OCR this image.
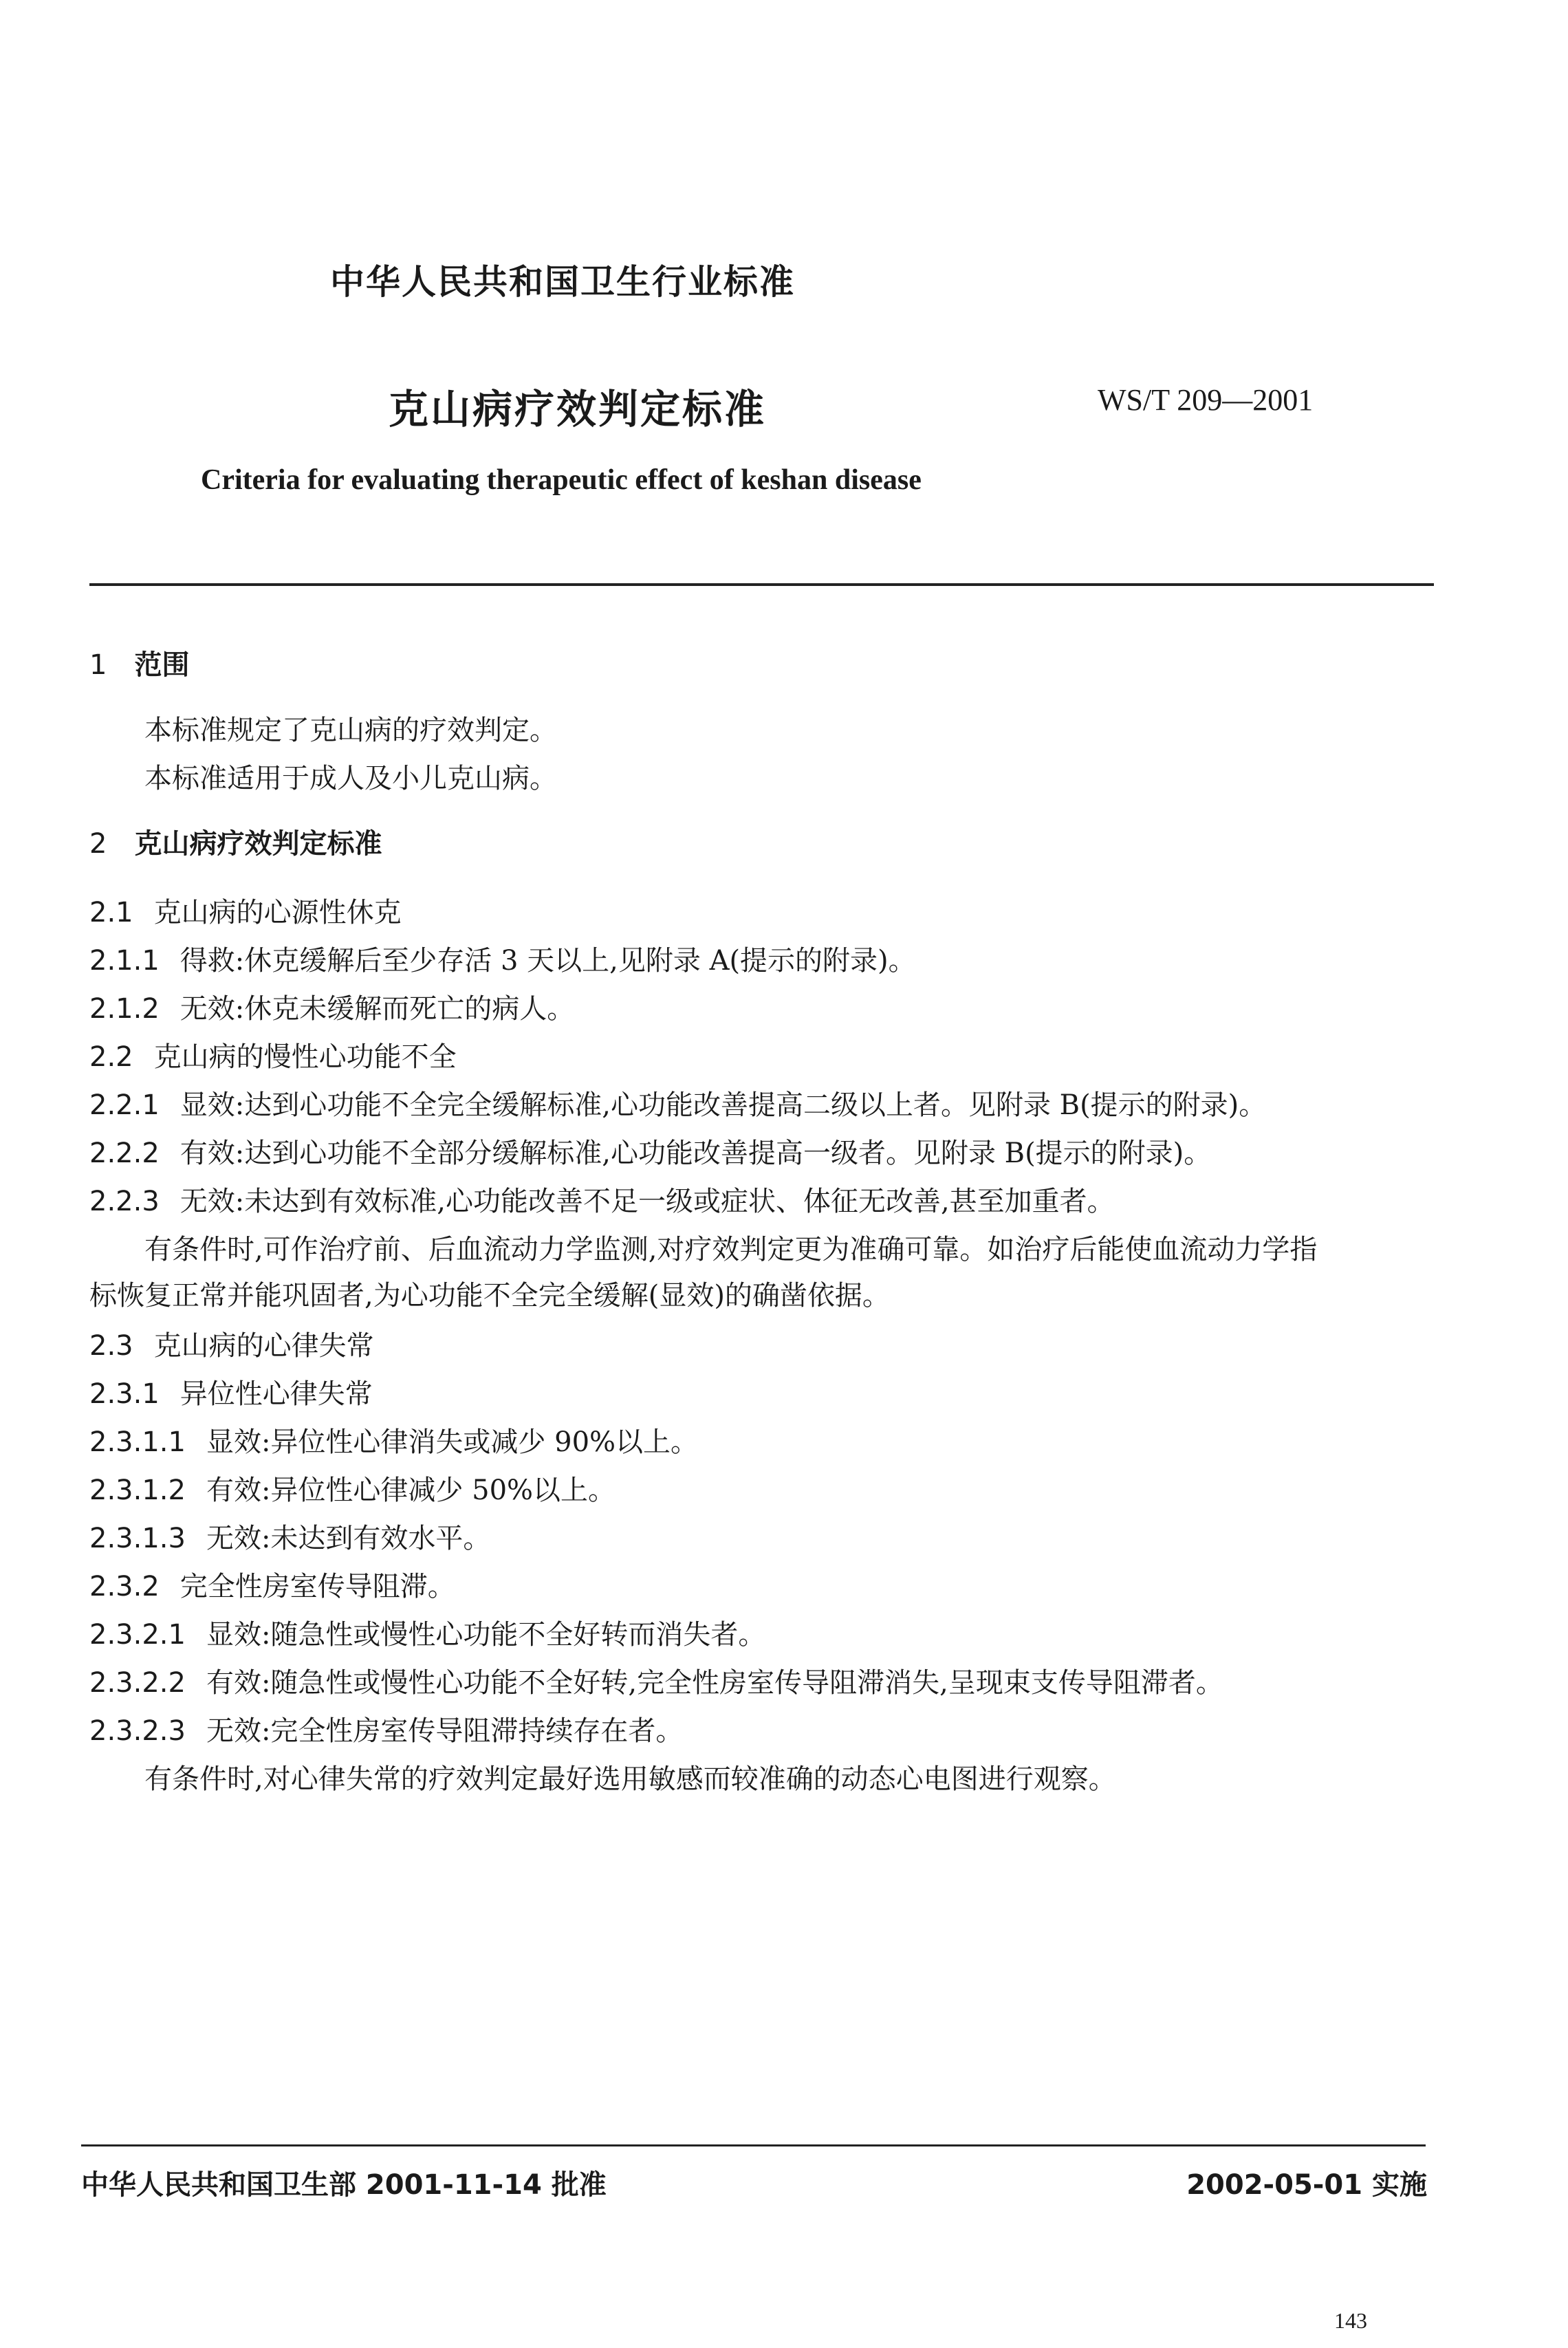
中华人民共和国卫生行业标准
克山病疗效判定标准	WS/T 209—2001
Criteria for evaluating therapeutic effect of keshan disease
1 范围
本标准规定了克山病的疗效判定。
本标准适用于成人及小儿克山病。
2 克山病疗效判定标准
2.1 克山病的心源性休克
2.1.1 得救:休克缓解后至少存活 3 天以上,见附录 A(提示的附录)。
2.1.2 无效:休克未缓解而死亡的病人。
2.2 克山病的慢性心功能不全
2.2.1 显效:达到心功能不全完全缓解标准,心功能改善提高二级以上者。见附录 B(提示的附录)。
2.2.2 有效:达到心功能不全部分缓解标准,心功能改善提高一级者。见附录 B(提示的附录)。
2.2.3 无效:未达到有效标准,心功能改善不足一级或症状、体征无改善,甚至加重者。
有条件时,可作治疗前、后血流动力学监测,对疗效判定更为准确可靠。如治疗后能使血流动力学指
标恢复正常并能巩固者,为心功能不全完全缓解(显效)的确凿依据。
2.3 克山病的心律失常
2.3.1 异位性心律失常
2.3.1.1 显效:异位性心律消失或减少 90%以上。
2.3.1.2 有效:异位性心律减少 50%以上。
2.3.1.3 无效:未达到有效水平。
2.3.2 完全性房室传导阻滞。
2.3.2.1 显效:随急性或慢性心功能不全好转而消失者。
2.3.2.2 有效:随急性或慢性心功能不全好转,完全性房室传导阻滞消失,呈现束支传导阻滞者。
2.3.2.3 无效:完全性房室传导阻滞持续存在者。
有条件时,对心律失常的疗效判定最好选用敏感而较准确的动态心电图进行观察。
中华人民共和国卫生部 2001-11-14 批准	2002-05-01 实施
143
